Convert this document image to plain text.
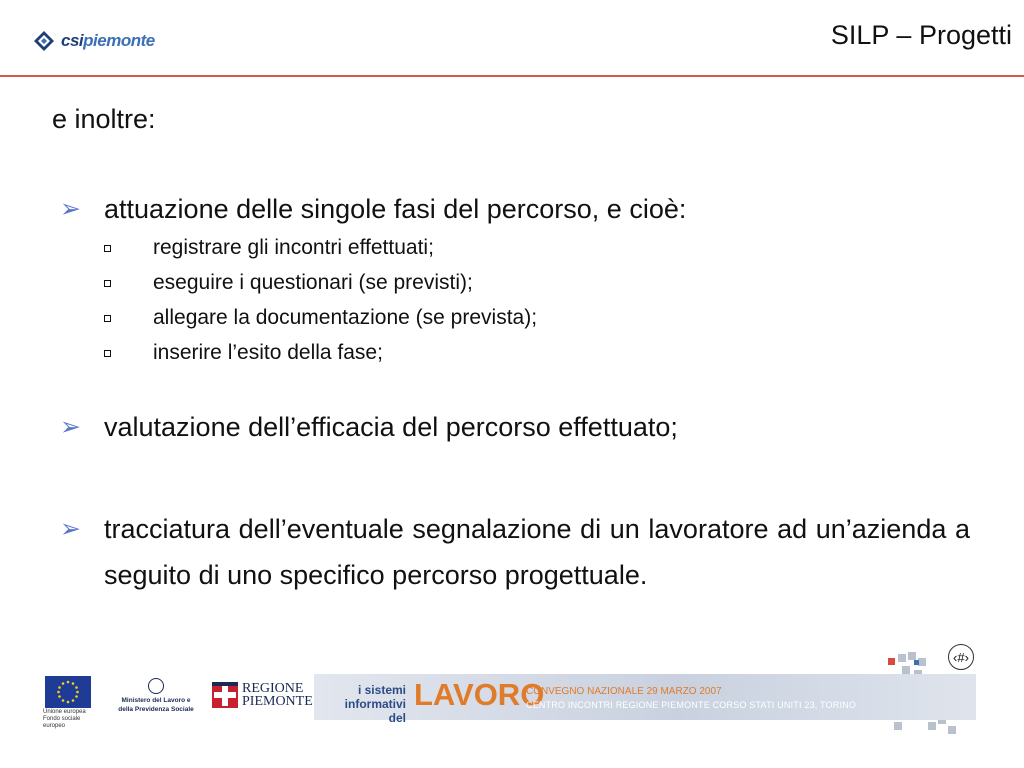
csipiemonte	SILP – Progetti
e inoltre:
➢ attuazione delle singole fasi del percorso, e cioè:
registrare gli incontri effettuati;
eseguire i questionari (se previsti);
allegare la documentazione (se prevista);
inserire l’esito della fase;
➢ valutazione dell’efficacia del percorso effettuato;
➢ tracciatura dell’eventuale segnalazione di un lavoratore ad un’azienda a seguito di uno specifico percorso progettuale.
‹#›
Unione europea Fondo sociale europeo
Ministero del Lavoro e della Previdenza Sociale
REGIONE
PIEMONTE
i sistemi
informativi del
LAVORO
CONVEGNO NAZIONALE 29 MARZO 2007
CENTRO INCONTRI REGIONE PIEMONTE CORSO STATI UNITI 23, TORINO
